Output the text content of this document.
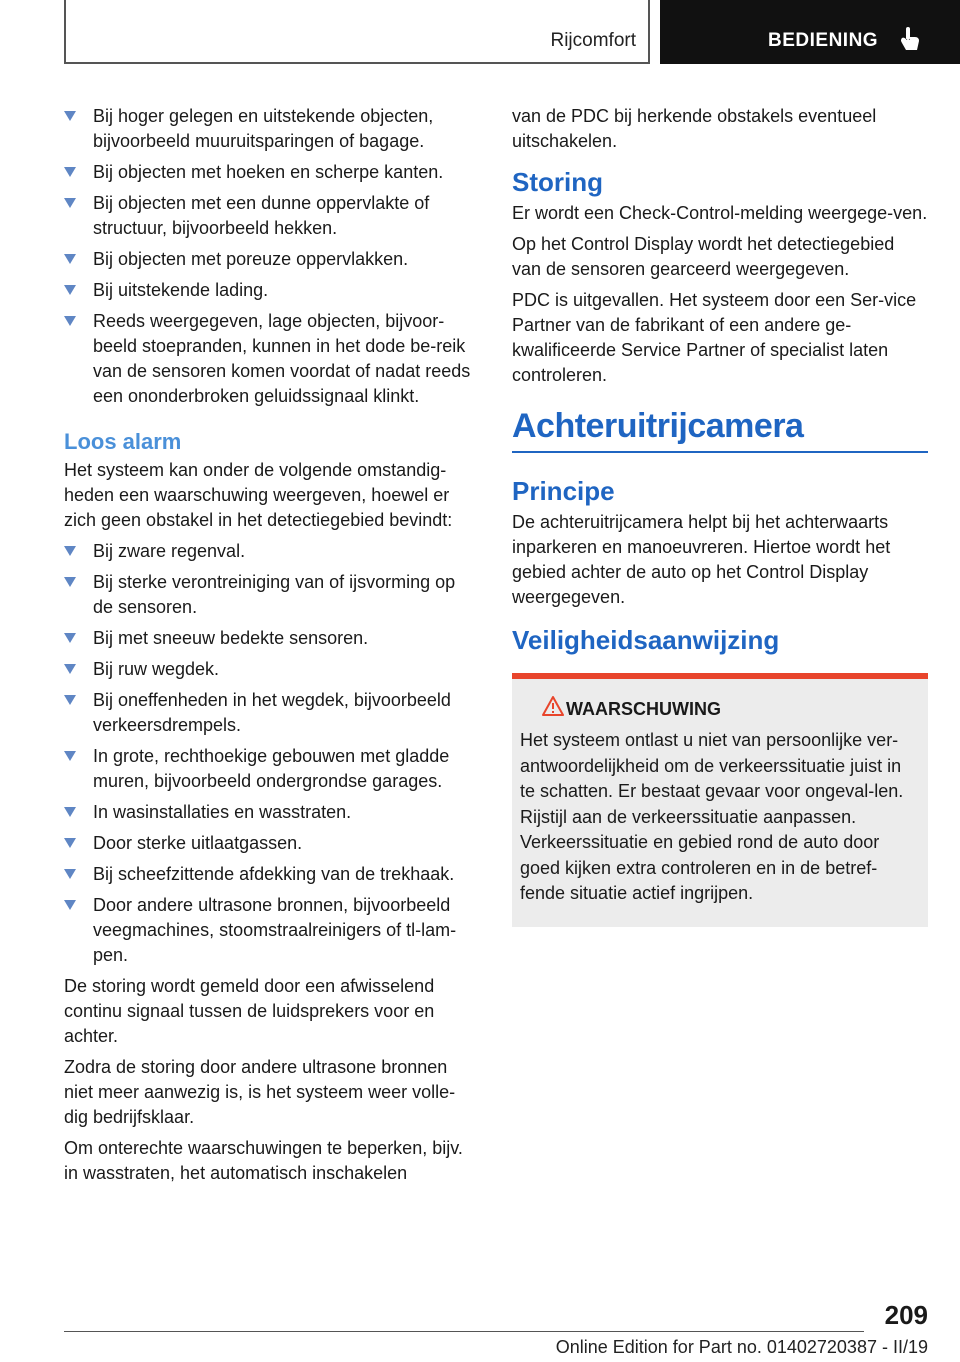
Rijcomfort	BEDIENING
Bij hoger gelegen en uitstekende objecten, bijvoorbeeld muuruitsparingen of bagage.
Bij objecten met hoeken en scherpe kanten.
Bij objecten met een dunne oppervlakte of structuur, bijvoorbeeld hekken.
Bij objecten met poreuze oppervlakken.
Bij uitstekende lading.
Reeds weergegeven, lage objecten, bijvoor-beeld stoepranden, kunnen in het dode be-reik van de sensoren komen voordat of nadat reeds een ononderbroken geluidssignaal klinkt.
Loos alarm

Het systeem kan onder de volgende omstandig-heden een waarschuwing weergeven, hoewel er zich geen obstakel in het detectiegebied bevindt:

Bij zware regenval.
Bij sterke verontreiniging van of ijsvorming op de sensoren.
Bij met sneeuw bedekte sensoren.
Bij ruw wegdek.
Bij oneffenheden in het wegdek, bijvoorbeeld verkeersdrempels.
In grote, rechthoekige gebouwen met gladde muren, bijvoorbeeld ondergrondse garages.
In wasinstallaties en wasstraten.
Door sterke uitlaatgassen.
Bij scheefzittende afdekking van de trekhaak.
Door andere ultrasone bronnen, bijvoorbeeld veegmachines, stoomstraalreinigers of tl-lam-pen.

De storing wordt gemeld door een afwisselend continu signaal tussen de luidsprekers voor en achter.

Zodra de storing door andere ultrasone bronnen niet meer aanwezig is, is het systeem weer volle-dig bedrijfsklaar.

Om onterechte waarschuwingen te beperken, bijv. in wasstraten, het automatisch inschakelen

van de PDC bij herkende obstakels eventueel uitschakelen.

Storing

Er wordt een Check-Control-melding weergege-ven.

Op het Control Display wordt het detectiegebied van de sensoren gearceerd weergegeven.

PDC is uitgevallen. Het systeem door een Ser-vice Partner van de fabrikant of een andere ge-kwalificeerde Service Partner of specialist laten controleren.

Achteruitrijcamera
Principe

De achteruitrijcamera helpt bij het achterwaarts inparkeren en manoeuvreren. Hiertoe wordt het gebied achter de auto op het Control Display weergegeven.

Veiligheidsaanwijzing
WAARSCHUWING
Het systeem ontlast u niet van persoonlijke ver-antwoordelijkheid om de verkeerssituatie juist in te schatten. Er bestaat gevaar voor ongeval-len. Rijstijl aan de verkeerssituatie aanpassen. Verkeerssituatie en gebied rond de auto door goed kijken extra controleren en in de betref-fende situatie actief ingrijpen.
209
Online Edition for Part no. 01402720387 - II/19
